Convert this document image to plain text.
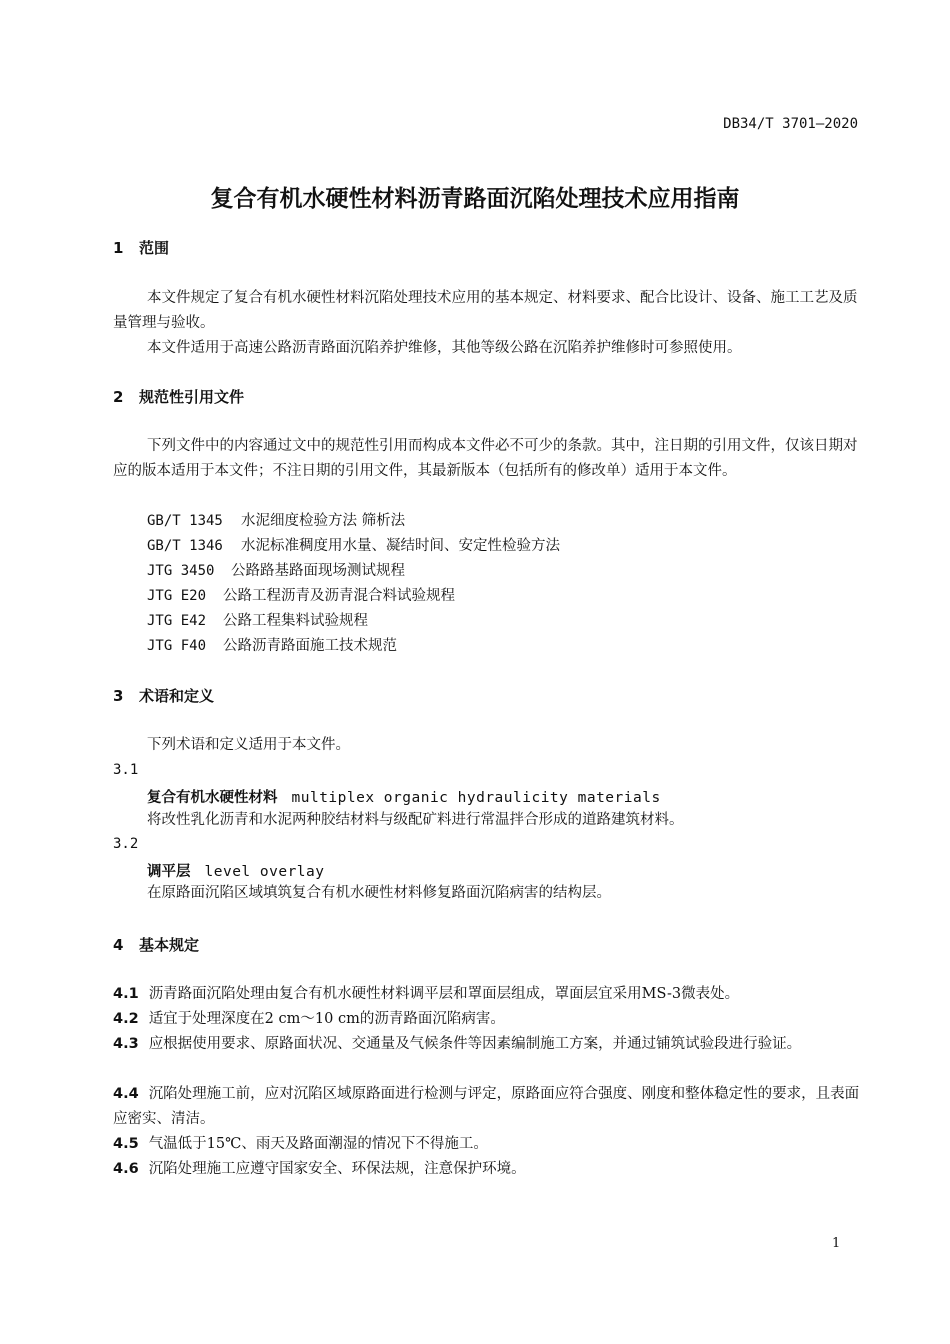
DB34/T 3701—2020
复合有机水硬性材料沥青路面沉陷处理技术应用指南
1 范围
本文件规定了复合有机水硬性材料沉陷处理技术应用的基本规定、材料要求、配合比设计、设备、施工工艺及质量管理与验收。
本文件适用于高速公路沥青路面沉陷养护维修，其他等级公路在沉陷养护维修时可参照使用。
2 规范性引用文件
下列文件中的内容通过文中的规范性引用而构成本文件必不可少的条款。其中，注日期的引用文件，仅该日期对应的版本适用于本文件；不注日期的引用文件，其最新版本（包括所有的修改单）适用于本文件。
GB/T 1345 水泥细度检验方法 筛析法
GB/T 1346 水泥标准稠度用水量、凝结时间、安定性检验方法
JTG 3450 公路路基路面现场测试规程
JTG E20 公路工程沥青及沥青混合料试验规程
JTG E42 公路工程集料试验规程
JTG F40 公路沥青路面施工技术规范
3 术语和定义
下列术语和定义适用于本文件。
3.1
复合有机水硬性材料 multiplex organic hydraulicity materials
将改性乳化沥青和水泥两种胶结材料与级配矿料进行常温拌合形成的道路建筑材料。
3.2
调平层 level overlay
在原路面沉陷区域填筑复合有机水硬性材料修复路面沉陷病害的结构层。
4 基本规定
4.1 沥青路面沉陷处理由复合有机水硬性材料调平层和罩面层组成，罩面层宜采用MS-3微表处。
4.2 适宜于处理深度在2 cm～10 cm的沥青路面沉陷病害。
4.3 应根据使用要求、原路面状况、交通量及气候条件等因素编制施工方案，并通过铺筑试验段进行验证。
4.4 沉陷处理施工前，应对沉陷区域原路面进行检测与评定，原路面应符合强度、刚度和整体稳定性的要求，且表面应密实、清洁。
4.5 气温低于15℃、雨天及路面潮湿的情况下不得施工。
4.6 沉陷处理施工应遵守国家安全、环保法规，注意保护环境。
1
